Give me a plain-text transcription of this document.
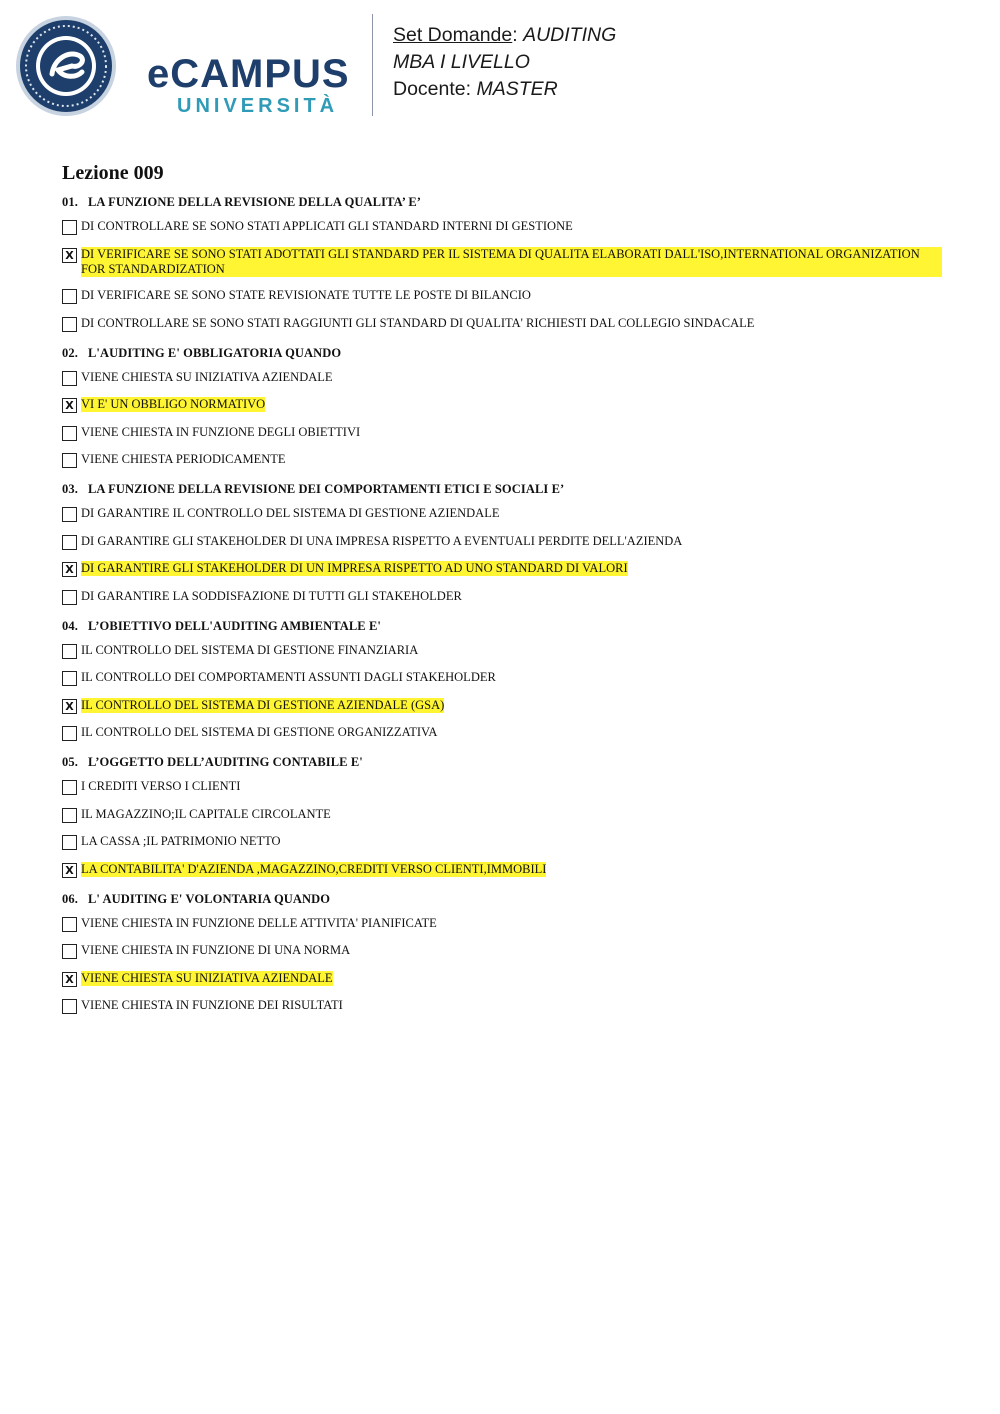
eCAMPUS
UNIVERSITÀ
Set Domande: AUDITING
MBA I LIVELLO
Docente: MASTER
Lezione 009
01. LA FUNZIONE DELLA REVISIONE DELLA QUALITA’ E’
DI CONTROLLARE SE SONO STATI APPLICATI GLI STANDARD INTERNI DI GESTIONE
X DI VERIFICARE SE SONO STATI ADOTTATI GLI STANDARD PER IL SISTEMA DI QUALITA ELABORATI DALL'ISO,INTERNATIONAL ORGANIZATION FOR STANDARDIZATION
DI VERIFICARE SE SONO STATE REVISIONATE TUTTE LE POSTE DI BILANCIO
DI CONTROLLARE SE SONO STATI RAGGIUNTI GLI STANDARD DI QUALITA' RICHIESTI DAL COLLEGIO SINDACALE
02. L'AUDITING E' OBBLIGATORIA QUANDO
VIENE CHIESTA SU INIZIATIVA AZIENDALE
X VI E' UN OBBLIGO NORMATIVO
VIENE CHIESTA IN FUNZIONE DEGLI OBIETTIVI
VIENE CHIESTA PERIODICAMENTE
03. LA FUNZIONE DELLA REVISIONE DEI COMPORTAMENTI ETICI E SOCIALI E’
DI GARANTIRE IL CONTROLLO DEL SISTEMA DI GESTIONE AZIENDALE
DI GARANTIRE GLI STAKEHOLDER DI UNA IMPRESA RISPETTO A EVENTUALI PERDITE DELL'AZIENDA
X DI GARANTIRE GLI STAKEHOLDER DI UN IMPRESA RISPETTO AD UNO STANDARD DI VALORI
DI GARANTIRE LA SODDISFAZIONE DI TUTTI GLI STAKEHOLDER
04. L’OBIETTIVO DELL'AUDITING AMBIENTALE E'
IL CONTROLLO DEL SISTEMA DI GESTIONE FINANZIARIA
IL CONTROLLO DEI COMPORTAMENTI ASSUNTI DAGLI STAKEHOLDER
X IL CONTROLLO DEL SISTEMA DI GESTIONE AZIENDALE (GSA)
IL CONTROLLO DEL SISTEMA DI GESTIONE ORGANIZZATIVA
05. L’OGGETTO DELL’AUDITING CONTABILE E'
I CREDITI VERSO I CLIENTI
IL MAGAZZINO;IL CAPITALE CIRCOLANTE
LA CASSA ;IL PATRIMONIO NETTO
X LA CONTABILITA' D'AZIENDA ,MAGAZZINO,CREDITI VERSO CLIENTI,IMMOBILI
06. L' AUDITING E' VOLONTARIA QUANDO
VIENE CHIESTA IN FUNZIONE DELLE ATTIVITA' PIANIFICATE
VIENE CHIESTA IN FUNZIONE DI UNA NORMA
X VIENE CHIESTA SU INIZIATIVA AZIENDALE
VIENE CHIESTA IN FUNZIONE DEI RISULTATI
